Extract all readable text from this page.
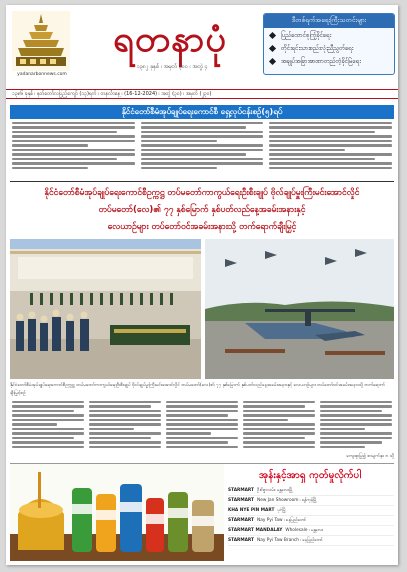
yadanarbonnews.com
ရတနာပုံ
၁၃၈၂ ခုနှစ် ၊ အမှတ် ၃၀၀ ၊ အတွဲ ၄
ဒီတစ်ရက်အရေးကြီးသတင်းများ
ပြည်ထောင်စုကြံ့ခိုင်ရေး
တိုင်းရင်းသားစည်းလုံးညီညွတ်ရေး
အချုပ်အခြာအာဏာတည်တံ့ခိုင်မြဲရေး
၁၃၈၆ ခုနှစ် ၊ နတ်တော်လပြည့်ကျော် (၁၃)ရက် ၊ တနင်္လာနေ့ ၊ (16-12-2024) ၊ အတွဲ (၃၀) ၊ အမှတ် (၂၃၀)
နိုင်ငံတော်စီမံအုပ်ချုပ်ရေးကောင်စီ ရှေ့လုပ်ငန်းစဉ်(၅)ရပ်
နိုင်ငံတော်စီမံအုပ်ချုပ်ရေးကောင်စီဥက္ကဋ္ဌ တပ်မတော်ကာကွယ်ရေးဦးစီးချုပ် ဗိုလ်ချုပ်မှူးကြီးမင်းအောင်လှိုင်
တပ်မတော်(လေ)၏ ၇၇ နှစ်မြောက် နှစ်ပတ်လည်နေ့အခမ်းအနားနှင့်
လေယာဉ်များ တပ်တော်ဝင်အခမ်းအနားသို့ တက်ရောက်ချီးမြှင့်
နိုင်ငံတော်စီမံအုပ်ချုပ်ရေးကောင်စီဥက္ကဋ္ဌ တပ်မတော်ကာကွယ်ရေးဦးစီးချုပ် ဗိုလ်ချုပ်မှူးကြီးမင်းအောင်လှိုင် တပ်မတော်(လေ)၏ ၇၇ နှစ်မြောက် နှစ်ပတ်လည်နေ့အခမ်းအနားနှင့် လေယာဉ်များ တပ်တော်ဝင်အခမ်းအနားသို့ တက်ရောက်ချီးမြှင့်စဉ်
ကျေးဇူးပြု၍ စာမျက်နှာ ၈ သို့
အုန်းနှင့်အာရှ ကုတ်မှုလိုက်ပါ
STARMART ဦးဝိဇ္ဇာလမ်း၊ မန္တလေးမြို့
STARMART New Jan Showroom ၊ ရန်ကုန်မြို့
KHA NYE PIN MART ပုဂံမြို့
STARMART Nay Pyi Taw ၊ နေပြည်တော်
STARMART MANDALAY Wholesale ၊ မန္တလေး
STARMART Nay Pyi Taw Branch ၊ နေပြည်တော်
